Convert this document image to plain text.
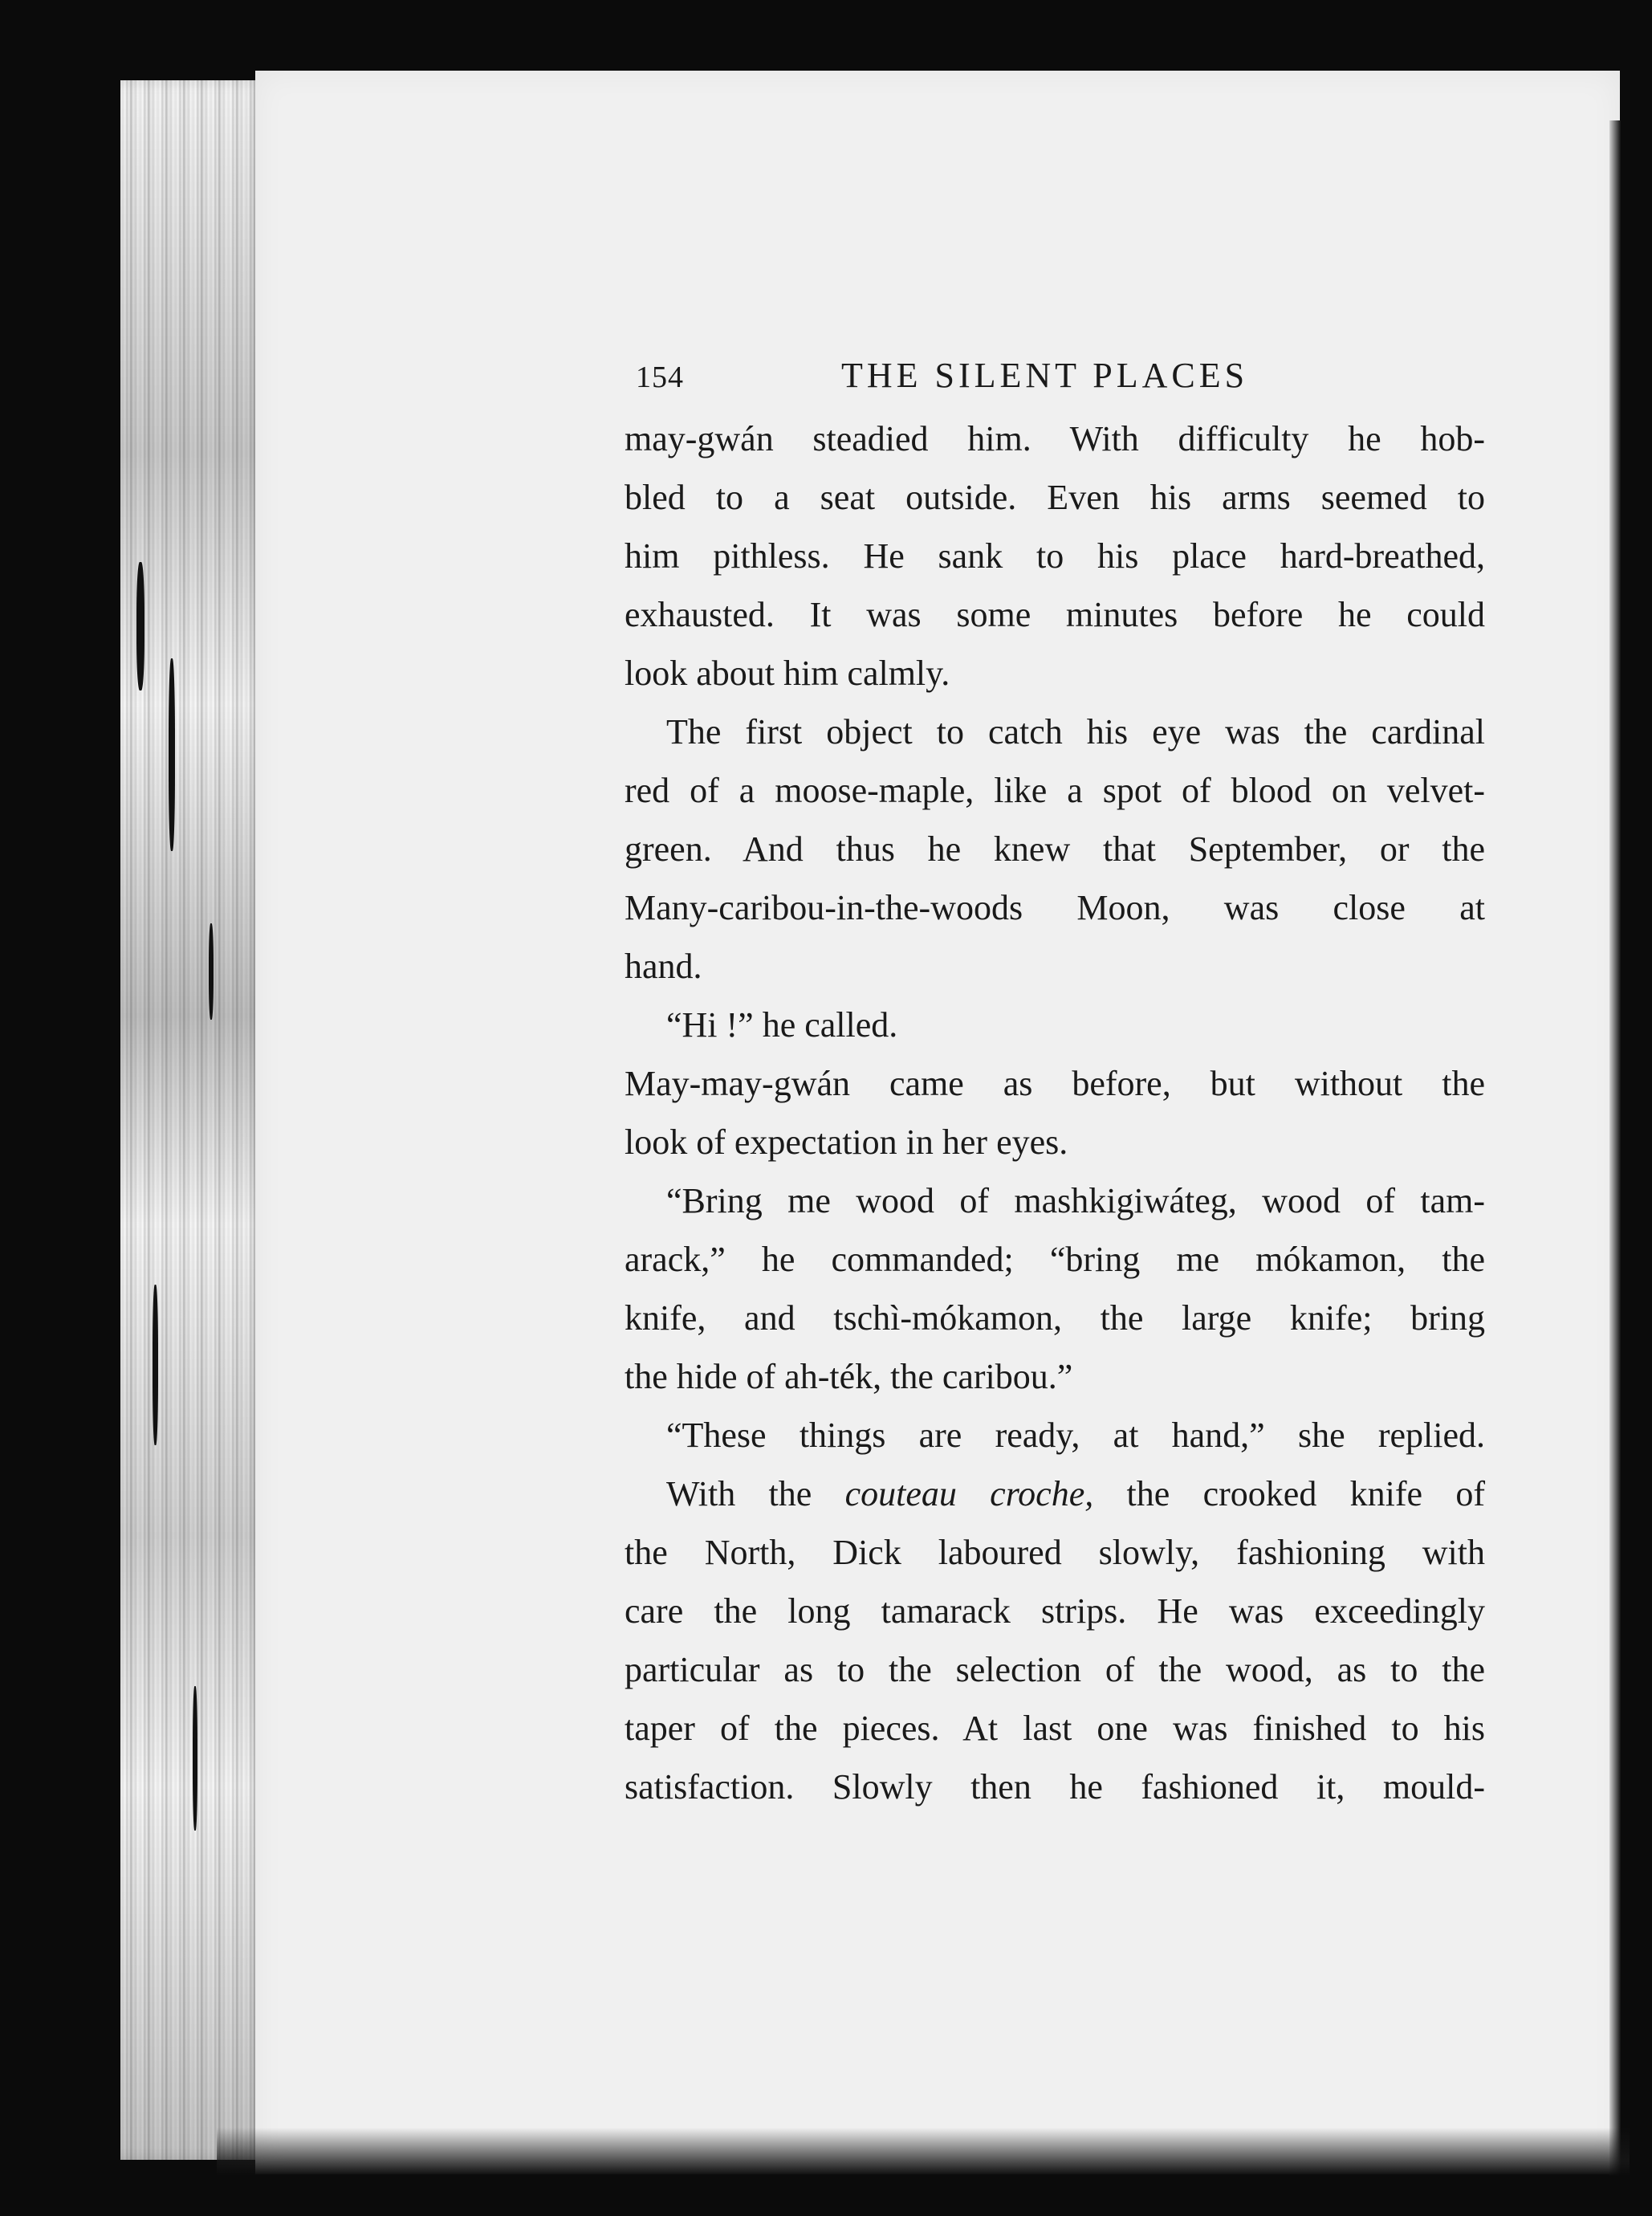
154	THE SILENT PLACES
may-gwán steadied him. With difficulty he hob-
bled to a seat outside. Even his arms seemed to
him pithless. He sank to his place hard-breathed,
exhausted. It was some minutes before he could
look about him calmly.
The first object to catch his eye was the cardinal
red of a moose-maple, like a spot of blood on velvet-
green. And thus he knew that September, or the
Many-caribou-in-the-woods Moon, was close at
hand.
“Hi !” he called.
May-may-gwán came as before, but without the
look of expectation in her eyes.
“Bring me wood of mashkigiwáteg, wood of tam-
arack,” he commanded; “bring me mókamon, the
knife, and tschì-mókamon, the large knife; bring
the hide of ah-ték, the caribou.”
“These things are ready, at hand,” she replied.
With the couteau croche, the crooked knife of
the North, Dick laboured slowly, fashioning with
care the long tamarack strips. He was exceedingly
particular as to the selection of the wood, as to the
taper of the pieces. At last one was finished to his
satisfaction. Slowly then he fashioned it, mould-
